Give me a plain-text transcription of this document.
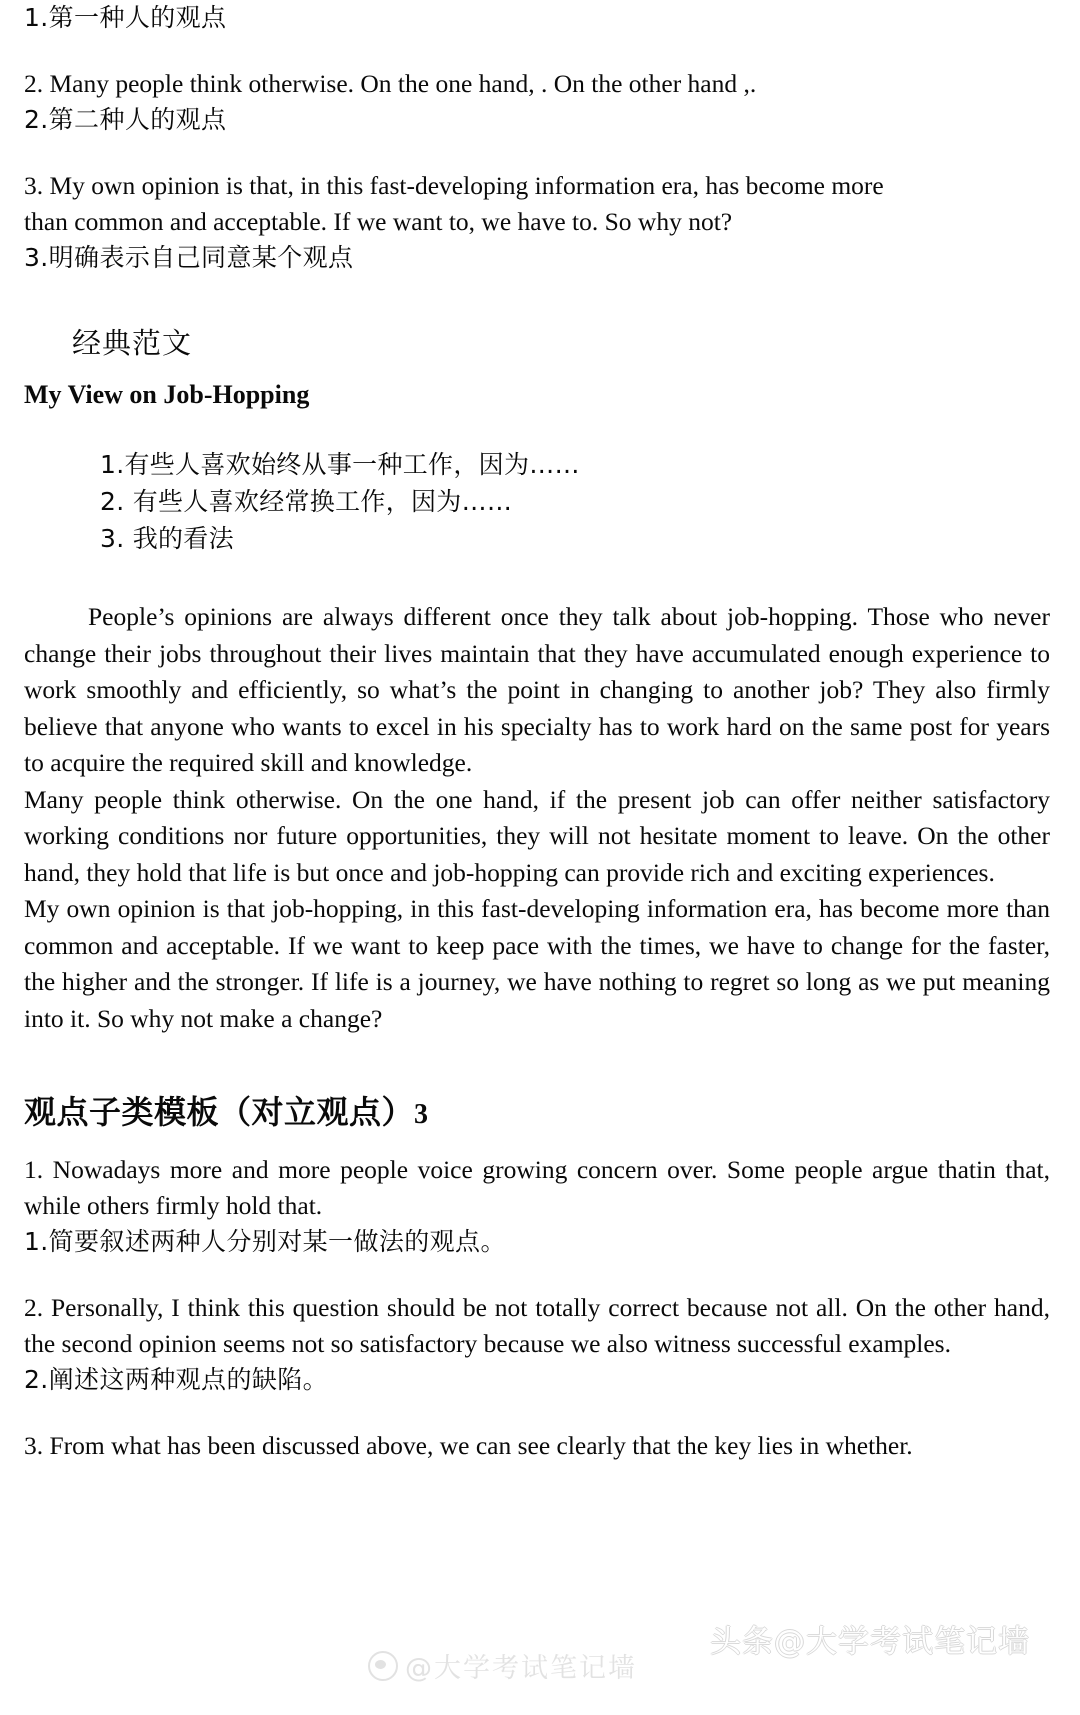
1.第一种人的观点
2. Many people think otherwise. On the one hand, . On the other hand ,.
2.第二种人的观点
3. My own opinion is that, in this fast-developing information era, has become more
than common and acceptable. If we want to, we have to. So why not?
3.明确表示自己同意某个观点
经典范文
My View on Job-Hopping
1.有些人喜欢始终从事一种工作，因为……
2. 有些人喜欢经常换工作，因为……
3. 我的看法

People’s opinions are always different once they talk about job-hopping. Those who never change their jobs throughout their lives maintain that they have accumulated enough experience to work smoothly and efficiently, so what’s the point in changing to another job? They also firmly believe that anyone who wants to excel in his specialty has to work hard on the same post for years to acquire the required skill and knowledge.

Many people think otherwise. On the one hand, if the present job can offer neither satisfactory working conditions nor future opportunities, they will not hesitate moment to leave. On the other hand, they hold that life is but once and job-hopping can provide rich and exciting experiences.

My own opinion is that job-hopping, in this fast-developing information era, has become more than common and acceptable. If we want to keep pace with the times, we have to change for the faster, the higher and the stronger. If life is a journey, we have nothing to regret so long as we put meaning into it. So why not make a change?

观点子类模板（对立观点）3
1. Nowadays more and more people voice growing concern over. Some people argue thatin that, while others firmly hold that.
1.简要叙述两种人分别对某一做法的观点。
2. Personally, I think this question should be not totally correct because not all. On the other hand, the second opinion seems not so satisfactory because we also witness successful examples.
2.阐述这两种观点的缺陷。
3. From what has been discussed above, we can see clearly that the key lies in whether.
@大学考试笔记墙
头条@大学考试笔记墙
